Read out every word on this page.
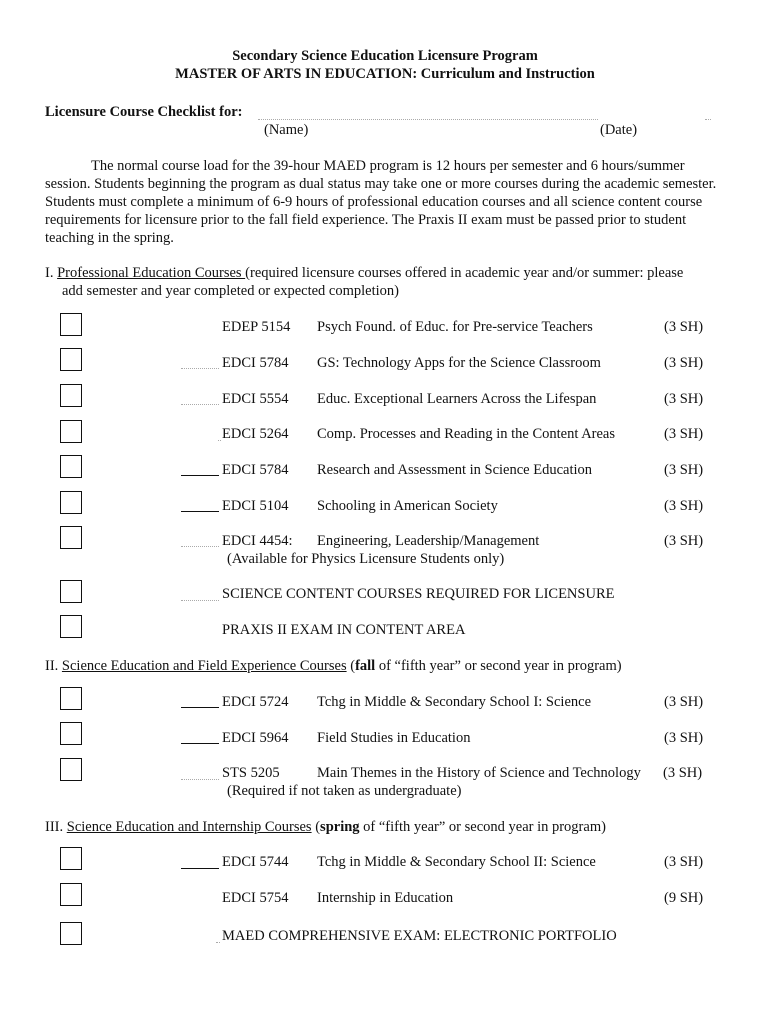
Secondary Science Education Licensure Program
MASTER OF ARTS IN EDUCATION: Curriculum and Instruction
Licensure Course Checklist for:
(Name)	(Date)
The normal course load for the 39-hour MAED program is 12 hours per semester and 6 hours/summer
session. Students beginning the program as dual status may take one or more courses during the academic semester.
Students must complete a minimum of 6-9 hours of professional education courses and all science content course
requirements for licensure prior to the fall field experience. The Praxis II exam must be passed prior to student
teaching in the spring.
I. Professional Education Courses (required licensure courses offered in academic year and/or summer: please
add semester and year completed or expected completion)
EDEP 5154 Psych Found. of Educ. for Pre-service Teachers	(3 SH)
EDCI 5784 GS: Technology Apps for the Science Classroom	(3 SH)
EDCI 5554 Educ. Exceptional Learners Across the Lifespan	(3 SH)
EDCI 5264 Comp. Processes and Reading in the Content Areas	(3 SH)
EDCI 5784 Research and Assessment in Science Education	(3 SH)
EDCI 5104 Schooling in American Society	(3 SH)
EDCI 4454: Engineering, Leadership/Management	(3 SH)
(Available for Physics Licensure Students only)
SCIENCE CONTENT COURSES REQUIRED FOR LICENSURE
PRAXIS II EXAM IN CONTENT AREA
II. Science Education and Field Experience Courses (fall of “fifth year” or second year in program)
EDCI 5724 Tchg in Middle & Secondary School I: Science	(3 SH)
EDCI 5964 Field Studies in Education	(3 SH)
STS 5205	Main Themes in the History of Science and Technology (3 SH)
(Required if not taken as undergraduate)
III. Science Education and Internship Courses (spring of “fifth year” or second year in program)
EDCI 5744 Tchg in Middle & Secondary School II: Science	(3 SH)
EDCI 5754 Internship in Education	(9 SH)
MAED COMPREHENSIVE EXAM: ELECTRONIC PORTFOLIO
